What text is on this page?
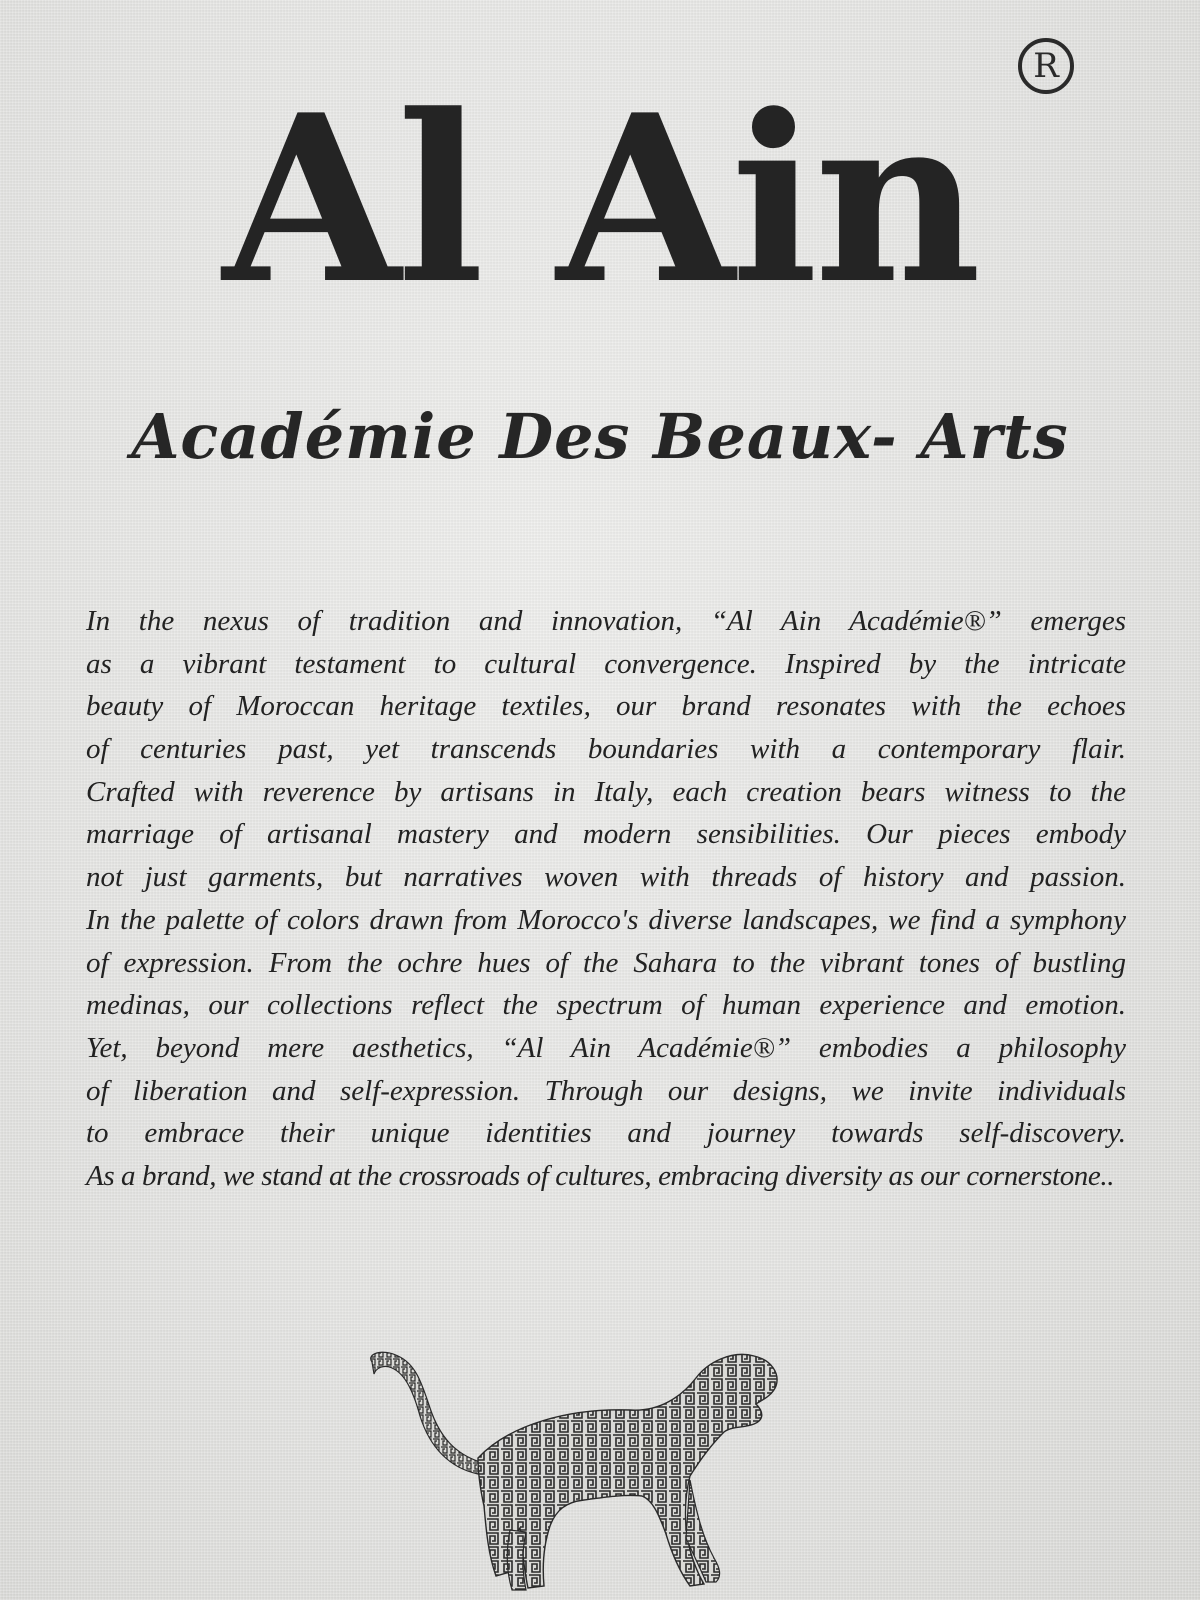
Al Ain	R
Académie Des Beaux- Arts
In the nexus of tradition and innovation, “Al Ain Académie®” emerges
as a vibrant testament to cultural convergence. Inspired by the intricate
beauty of Moroccan heritage textiles, our brand resonates with the echoes
of centuries past, yet transcends boundaries with a contemporary flair.
Crafted with reverence by artisans in Italy, each creation bears witness to the
marriage of artisanal mastery and modern sensibilities. Our pieces embody
not just garments, but narratives woven with threads of history and passion.
In the palette of colors drawn from Morocco's diverse landscapes, we find a symphony
of expression. From the ochre hues of the Sahara to the vibrant tones of bustling
medinas, our collections reflect the spectrum of human experience and emotion.
Yet, beyond mere aesthetics, “Al Ain Académie®” embodies a philosophy
of liberation and self-expression. Through our designs, we invite individuals
to embrace their unique identities and journey towards self-discovery.
As a brand, we stand at the crossroads of cultures, embracing diversity as our cornerstone..
